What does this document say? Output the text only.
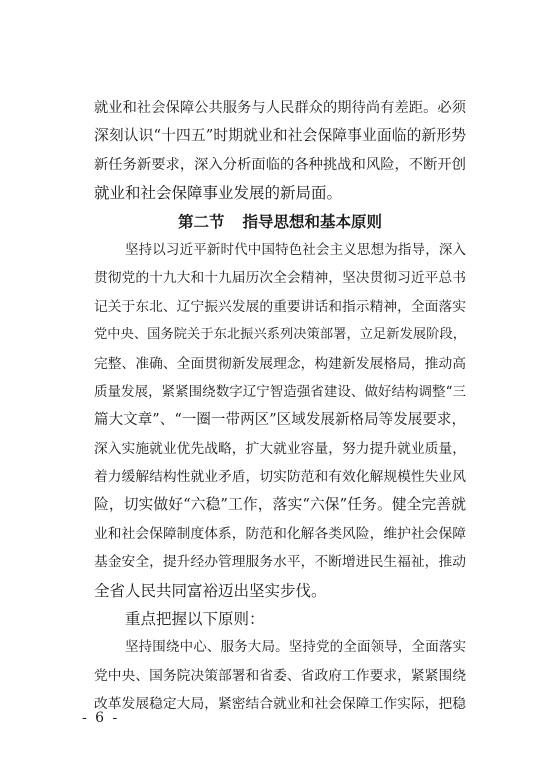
就业和社会保障公共服务与人民群众的期待尚有差距。必须
深刻认识“十四五”时期就业和社会保障事业面临的新形势
新任务新要求，深入分析面临的各种挑战和风险，不断开创
就业和社会保障事业发展的新局面。
第二节 指导思想和基本原则
坚持以习近平新时代中国特色社会主义思想为指导，深入
贯彻党的十九大和十九届历次全会精神，坚决贯彻习近平总书
记关于东北、辽宁振兴发展的重要讲话和指示精神，全面落实
党中央、国务院关于东北振兴系列决策部署，立足新发展阶段，
完整、准确、全面贯彻新发展理念，构建新发展格局，推动高
质量发展，紧紧围绕数字辽宁智造强省建设、做好结构调整“三
篇大文章”、“一圈一带两区”区域发展新格局等发展要求，
深入实施就业优先战略，扩大就业容量，努力提升就业质量，
着力缓解结构性就业矛盾，切实防范和有效化解规模性失业风
险，切实做好“六稳”工作，落实“六保”任务。健全完善就
业和社会保障制度体系，防范和化解各类风险，维护社会保障
基金安全，提升经办管理服务水平，不断增进民生福祉，推动
全省人民共同富裕迈出坚实步伐。
重点把握以下原则：
坚持围绕中心、服务大局。坚持党的全面领导，全面落实
党中央、国务院决策部署和省委、省政府工作要求，紧紧围绕
改革发展稳定大局，紧密结合就业和社会保障工作实际，把稳
- 6 -
